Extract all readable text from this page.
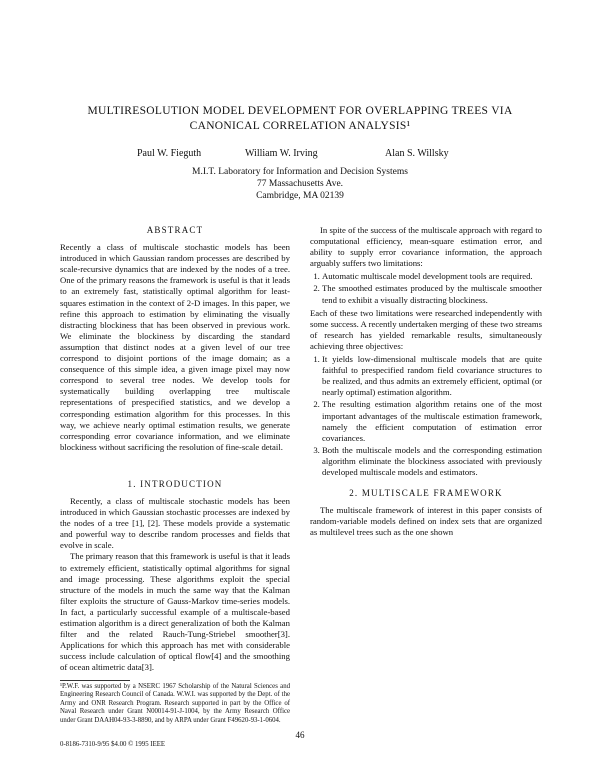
MULTIRESOLUTION MODEL DEVELOPMENT FOR OVERLAPPING TREES VIA
CANONICAL CORRELATION ANALYSIS¹
Paul W. Fieguth	William W. Irving	Alan S. Willsky
M.I.T. Laboratory for Information and Decision Systems
77 Massachusetts Ave.
Cambridge, MA 02139
ABSTRACT

Recently a class of multiscale stochastic models has been introduced in which Gaussian random processes are described by scale-recursive dynamics that are indexed by the nodes of a tree. One of the primary reasons the framework is useful is that it leads to an extremely fast, statistically optimal algorithm for least-squares estimation in the context of 2-D images. In this paper, we refine this approach to estimation by eliminating the visually distracting blockiness that has been observed in previous work. We eliminate the blockiness by discarding the standard assumption that distinct nodes at a given level of our tree correspond to disjoint portions of the image domain; as a consequence of this simple idea, a given image pixel may now correspond to several tree nodes. We develop tools for systematically building overlapping tree multiscale representations of prespecified statistics, and we develop a corresponding estimation algorithm for this processes. In this way, we achieve nearly optimal estimation results, we generate corresponding error covariance information, and we eliminate blockiness without sacrificing the resolution of fine-scale detail.

1. INTRODUCTION

Recently, a class of multiscale stochastic models has been introduced in which Gaussian stochastic processes are indexed by the nodes of a tree [1], [2]. These models provide a systematic and powerful way to describe random processes and fields that evolve in scale.

The primary reason that this framework is useful is that it leads to extremely efficient, statistically optimal algorithms for signal and image processing. These algorithms exploit the special structure of the models in much the same way that the Kalman filter exploits the structure of Gauss-Markov time-series models. In fact, a particularly successful example of a multiscale-based estimation algorithm is a direct generalization of both the Kalman filter and the related Rauch-Tung-Striebel smoother[3]. Applications for which this approach has met with considerable success include calculation of optical flow[4] and the smoothing of ocean altimetric data[3].

In spite of the success of the multiscale approach with regard to computational efficiency, mean-square estimation error, and ability to supply error covariance information, the approach arguably suffers two limitations:

1. Automatic multiscale model development tools are required.
2. The smoothed estimates produced by the multiscale smoother tend to exhibit a visually distracting blockiness.

Each of these two limitations were researched independently with some success. A recently undertaken merging of these two streams of research has yielded remarkable results, simultaneously achieving three objectives:

1. It yields low-dimensional multiscale models that are quite faithful to prespecified random field covariance structures to be realized, and thus admits an extremely efficient, optimal (or nearly optimal) estimation algorithm.
2. The resulting estimation algorithm retains one of the most important advantages of the multiscale estimation framework, namely the efficient computation of estimation error covariances.
3. Both the multiscale models and the corresponding estimation algorithm eliminate the blockiness associated with previously developed multiscale models and estimators.
2. MULTISCALE FRAMEWORK

The multiscale framework of interest in this paper consists of random-variable models defined on index sets that are organized as multilevel trees such as the one shown

¹P.W.F. was supported by a NSERC 1967 Scholarship of the Natural Sciences and Engineering Research Council of Canada. W.W.I. was supported by the Dept. of the Army and ONR Research Program. Research supported in part by the Office of Naval Research under Grant N00014-91-J-1004, by the Army Research Office under Grant DAAH04-93-3-8890, and by ARPA under Grant F49620-93-1-0604.
46
0-8186-7310-9/95 $4.00 © 1995 IEEE
